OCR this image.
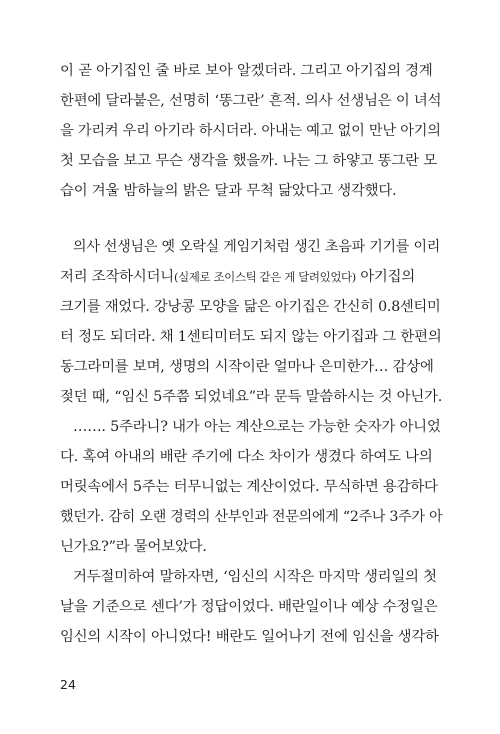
이 곧 아기집인 줄 바로 보아 알겠더라. 그리고 아기집의 경계
한편에 달라붙은, 선명히 ‘똥그란’ 흔적. 의사 선생님은 이 녀석
을 가리켜 우리 아기라 하시더라. 아내는 예고 없이 만난 아기의
첫 모습을 보고 무슨 생각을 했을까. 나는 그 하얗고 똥그란 모
습이 겨울 밤하늘의 밝은 달과 무척 닮았다고 생각했다.
의사 선생님은 옛 오락실 게임기처럼 생긴 초음파 기기를 이리
저리 조작하시더니(실제로 조이스틱 같은 게 달려있었다) 아기집의
크기를 재었다. 강낭콩 모양을 닮은 아기집은 간신히 0.8센티미
터 정도 되더라. 채 1센티미터도 되지 않는 아기집과 그 한편의
동그라미를 보며, 생명의 시작이란 얼마나 은미한가… 감상에
젖던 때, “임신 5주쯤 되었네요”라 문득 말씀하시는 것 아닌가.
……. 5주라니? 내가 아는 계산으로는 가능한 숫자가 아니었
다. 혹여 아내의 배란 주기에 다소 차이가 생겼다 하여도 나의
머릿속에서 5주는 터무니없는 계산이었다. 무식하면 용감하다
했던가. 감히 오랜 경력의 산부인과 전문의에게 “2주나 3주가 아
닌가요?”라 물어보았다.
거두절미하여 말하자면, ‘임신의 시작은 마지막 생리일의 첫
날을 기준으로 센다’가 정답이었다. 배란일이나 예상 수정일은
임신의 시작이 아니었다! 배란도 일어나기 전에 임신을 생각하
24
